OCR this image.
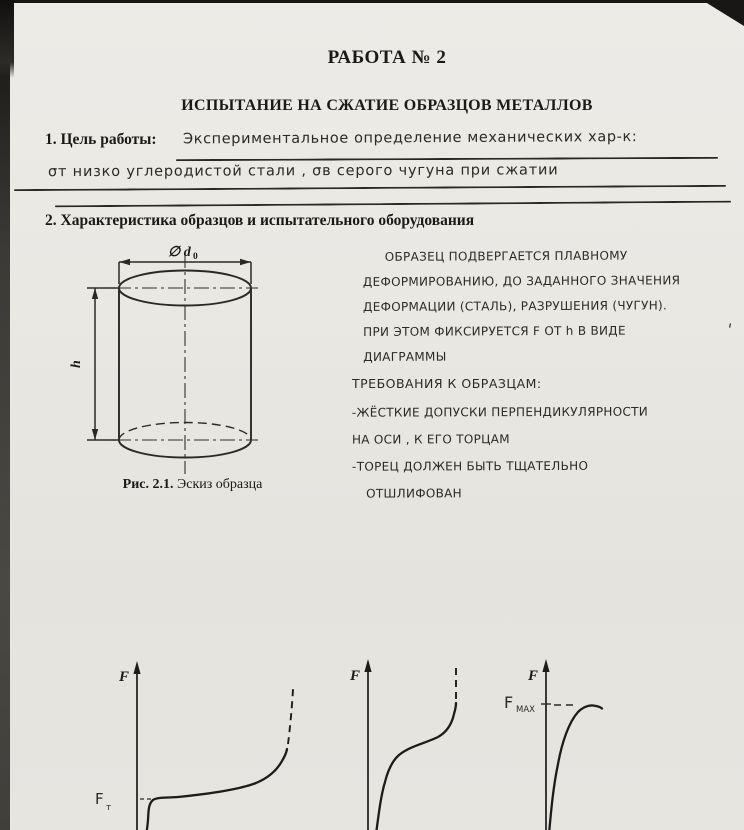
РАБОТА № 2
ИСПЫТАНИЕ НА СЖАТИЕ ОБРАЗЦОВ МЕТАЛЛОВ
1. Цель работы: Экспериментальное определение механических хар-к:
σт низко углеродистой стали , σв серого чугуна при сжатии
2. Характеристика образцов и испытательного оборудования
∅ d 0
h
Рис. 2.1. Эскиз образца
ОБРАЗЕЦ ПОДВЕРГАЕТСЯ ПЛАВНОМУ
ДЕФОРМИРОВАНИЮ, ДО ЗАДАННОГО ЗНАЧЕНИЯ
ДЕФОРМАЦИИ (СТАЛЬ), РАЗРУШЕНИЯ (ЧУГУН).
ПРИ ЭТОМ ФИКСИРУЕТСЯ F ОТ h В ВИДЕ
ДИАГРАММЫ
ТРЕБОВАНИЯ К ОБРАЗЦАМ:
-ЖЁСТКИЕ ДОПУСКИ ПЕРПЕНДИКУЛЯРНОСТИ
НА ОСИ , К ЕГО ТОРЦАМ
-ТОРЕЦ ДОЛЖЕН БЫТЬ ТЩАТЕЛЬНО
ОТШЛИФОВАН
'
F
F т
F	F
F MAX
